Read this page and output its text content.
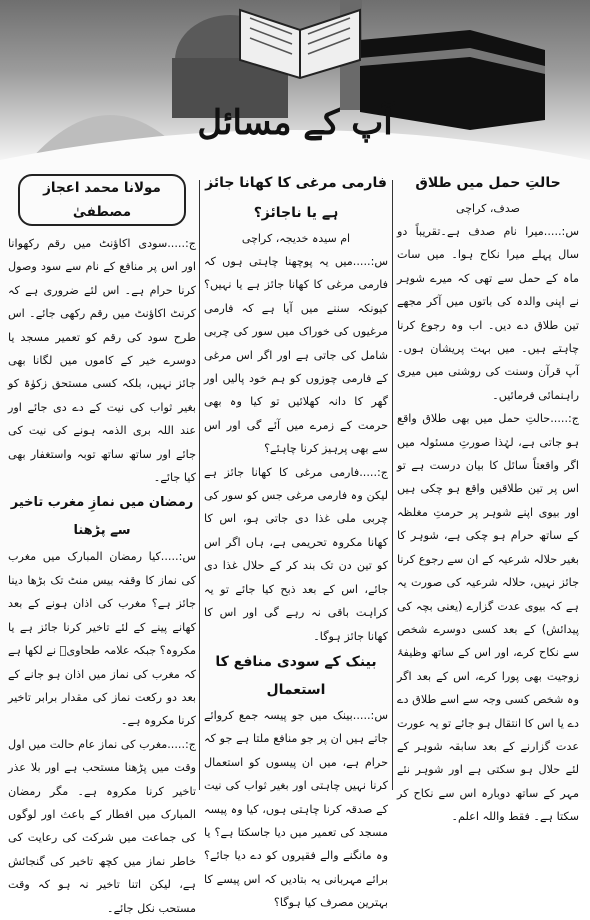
آپ کے مسائل
حالتِ حمل میں طلاق
صدف، کراچی

س:.....میرا نام صدف ہے۔تقریباً دو سال پہلے میرا نکاح ہوا۔ میں سات ماہ کے حمل سے تھی کہ میرے شوہر نے اپنی والدہ کی باتوں میں آکر مجھے تین طلاق دے دیں۔ اب وہ رجوع کرنا چاہتے ہیں۔ میں بہت پریشان ہوں۔ آپ قرآن وسنت کی روشنی میں میری راہنمائی فرمائیں۔

ج:.....حالتِ حمل میں بھی طلاق واقع ہو جاتی ہے، لہٰذا صورتِ مسئولہ میں اگر واقعتاً سائل کا بیان درست ہے تو اس پر تین طلاقیں واقع ہو چکی ہیں اور بیوی اپنے شوہر پر حرمتِ مغلظہ کے ساتھ حرام ہو چکی ہے، شوہر کا بغیر حلالہ شرعیہ کے ان سے رجوع کرنا جائز نہیں، حلالہ شرعیہ کی صورت یہ ہے کہ بیوی عدت گزارے (یعنی بچہ کی پیدائش) کے بعد کسی دوسرے شخص سے نکاح کرے، اور اس کے ساتھ وظیفۂ زوجیت بھی پورا کرے، اس کے بعد اگر وہ شخص کسی وجہ سے اسے طلاق دے دے یا اس کا انتقال ہو جائے تو یہ عورت عدت گزارنے کے بعد سابقہ شوہر کے لئے حلال ہو سکتی ہے اور شوہر نئے مہر کے ساتھ دوبارہ اس سے نکاح کر سکتا ہے۔ فقط واللہ اعلم۔

فارمی مرغی کا کھانا جائز ہے یا ناجائز؟
ام سیدہ خدیجہ، کراچی

س:.....میں یہ پوچھنا چاہتی ہوں کہ فارمی مرغی کا کھانا جائز ہے یا نہیں؟ کیونکہ سننے میں آیا ہے کہ فارمی مرغیوں کی خوراک میں سور کی چربی شامل کی جاتی ہے اور اگر اس مرغی کے فارمی چوزوں کو ہم خود پالیں اور گھر کا دانہ کھلائیں تو کیا وہ بھی حرمت کے زمرے میں آئے گی اور اس سے بھی پرہیز کرنا چاہئے؟

ج:.....فارمی مرغی کا کھانا جائز ہے لیکن وہ فارمی مرغی جس کو سور کی چربی ملی غذا دی جاتی ہو، اس کا کھانا مکروہ تحریمی ہے، ہاں اگر اس کو تین دن تک بند کر کے حلال غذا دی جائے، اس کے بعد ذبح کیا جائے تو یہ کراہت باقی نہ رہے گی اور اس کا کھانا جائز ہوگا۔

بینک کے سودی منافع کا استعمال

س:.....بینک میں جو پیسہ جمع کروائے جاتے ہیں ان پر جو منافع ملتا ہے جو کہ حرام ہے، میں ان پیسوں کو استعمال کرنا نہیں چاہتی اور بغیر ثواب کی نیت کے صدقہ کرنا چاہتی ہوں، کیا وہ پیسہ مسجد کی تعمیر میں دیا جاسکتا ہے؟ یا وہ مانگنے والے فقیروں کو دے دیا جائے؟ برائے مہربانی یہ بتادیں کہ اس پیسے کا بہترین مصرف کیا ہوگا؟

مولانا محمد اعجاز مصطفیٰ

ج:.....سودی اکاؤنٹ میں رقم رکھوانا اور اس پر منافع کے نام سے سود وصول کرنا حرام ہے۔ اس لئے ضروری ہے کہ کرنٹ اکاؤنٹ میں رقم رکھی جائے۔ اس طرح سود کی رقم کو تعمیر مسجد یا دوسرے خیر کے کاموں میں لگانا بھی جائز نہیں، بلکہ کسی مستحق زکوٰۃ کو بغیر ثواب کی نیت کے دے دی جائے اور عند اللہ بری الذمہ ہونے کی نیت کی جائے اور ساتھ ساتھ توبہ واستغفار بھی کیا جائے۔

رمضان میں نمازِ مغرب تاخیر سے پڑھنا

س:.....کیا رمضان المبارک میں مغرب کی نماز کا وقفہ بیس منٹ تک بڑھا دینا جائز ہے؟ مغرب کی اذان ہونے کے بعد کھانے پینے کے لئے تاخیر کرنا جائز ہے یا مکروہ؟ جبکہ علامہ طحاویؒ نے لکھا ہے کہ مغرب کی نماز میں اذان ہو جانے کے بعد دو رکعت نماز کی مقدار برابر تاخیر کرنا مکروہ ہے۔

ج:.....مغرب کی نماز عام حالت میں اول وقت میں پڑھنا مستحب ہے اور بلا عذر تاخیر کرنا مکروہ ہے۔ مگر رمضان المبارک میں افطار کے باعث اور لوگوں کی جماعت میں شرکت کی رعایت کی خاطر نماز میں کچھ تاخیر کی گنجائش ہے، لیکن اتنا تاخیر نہ ہو کہ وقت مستحب نکل جائے۔
